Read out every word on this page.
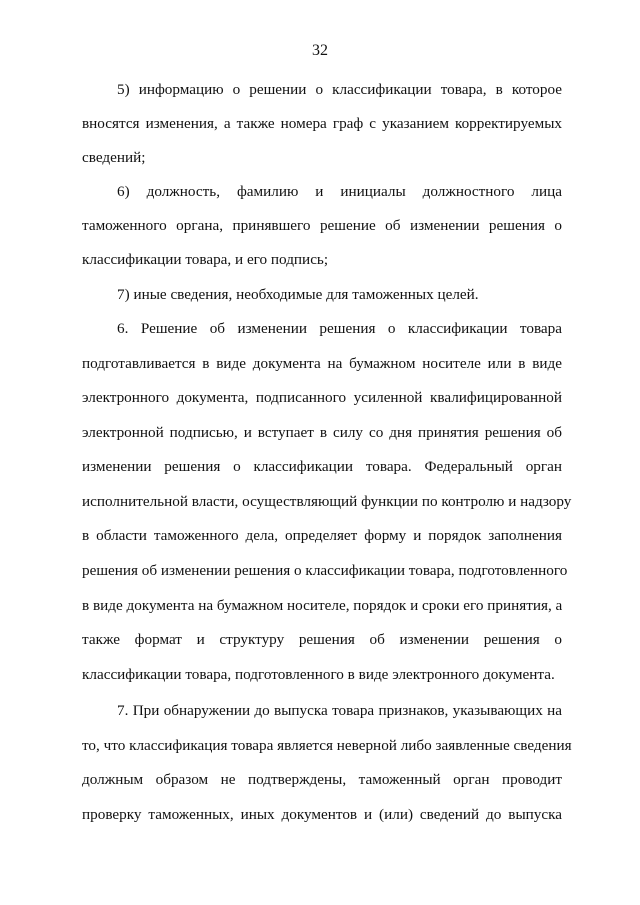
32
5) информацию о решении о классификации товара, в которое
вносятся изменения, а также номера граф с указанием корректируемых
сведений;
6) должность, фамилию и инициалы должностного лица
таможенного органа, принявшего решение об изменении решения о
классификации товара, и его подпись;
7) иные сведения, необходимые для таможенных целей.
6. Решение об изменении решения о классификации товара
подготавливается в виде документа на бумажном носителе или в виде
электронного документа, подписанного усиленной квалифицированной
электронной подписью, и вступает в силу со дня принятия решения об
изменении решения о классификации товара. Федеральный орган
исполнительной власти, осуществляющий функции по контролю и надзору
в области таможенного дела, определяет форму и порядок заполнения
решения об изменении решения о классификации товара, подготовленного
в виде документа на бумажном носителе, порядок и сроки его принятия, а
также формат и структуру решения об изменении решения о
классификации товара, подготовленного в виде электронного документа.
7. При обнаружении до выпуска товара признаков, указывающих на
то, что классификация товара является неверной либо заявленные сведения
должным образом не подтверждены, таможенный орган проводит
проверку таможенных, иных документов и (или) сведений до выпуска
